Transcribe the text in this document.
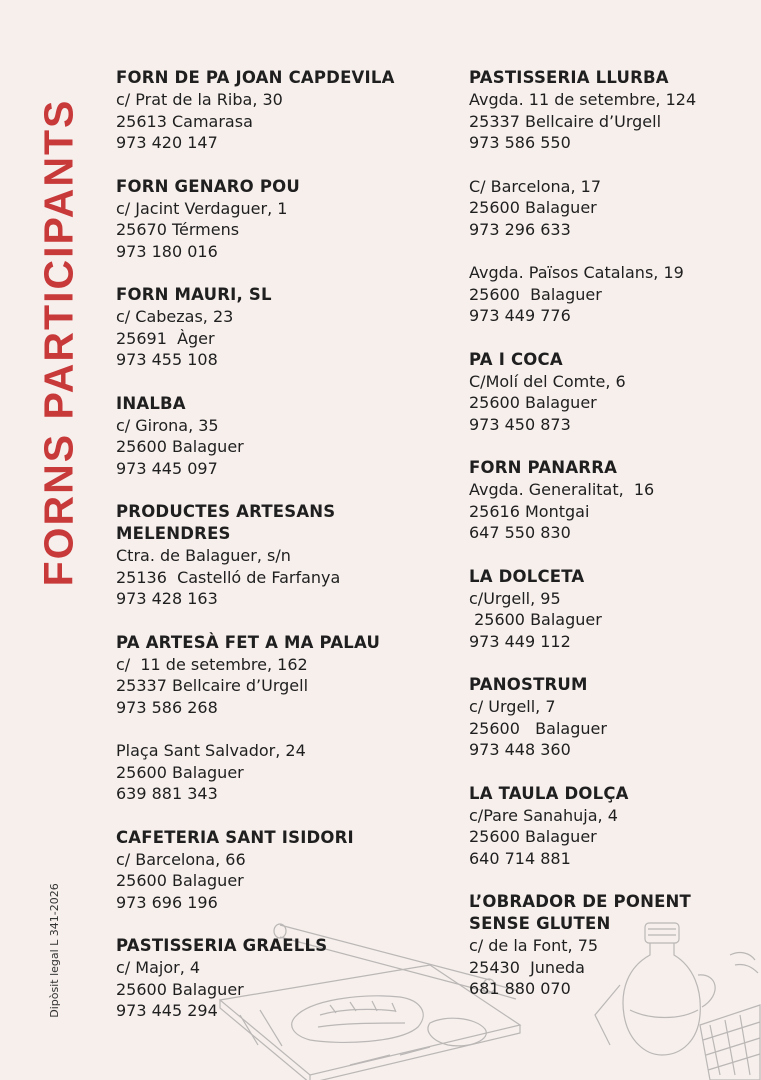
FORNS PARTICIPANTS
Dipòsit legal L 341-2026
FORN DE PA JOAN CAPDEVILA
c/ Prat de la Riba, 30
25613 Camarasa
973 420 147
FORN GENARO POU
c/ Jacint Verdaguer, 1
25670 Térmens
973 180 016
FORN MAURI, SL
c/ Cabezas, 23
25691  Àger
973 455 108
INALBA
c/ Girona, 35
25600 Balaguer
973 445 097
PRODUCTES ARTESANS
MELENDRES
Ctra. de Balaguer, s/n
25136  Castelló de Farfanya
973 428 163
PA ARTESÀ FET A MA PALAU
c/  11 de setembre, 162
25337 Bellcaire d’Urgell
973 586 268
Plaça Sant Salvador, 24
25600 Balaguer
639 881 343
CAFETERIA SANT ISIDORI
c/ Barcelona, 66
25600 Balaguer
973 696 196
PASTISSERIA GRAELLS
c/ Major, 4
25600 Balaguer
973 445 294
PASTISSERIA LLURBA
Avgda. 11 de setembre, 124
25337 Bellcaire d’Urgell
973 586 550
C/ Barcelona, 17
25600 Balaguer
973 296 633
Avgda. Països Catalans, 19
25600  Balaguer
973 449 776
PA I COCA
C/Molí del Comte, 6
25600 Balaguer
973 450 873
FORN PANARRA
Avgda. Generalitat,  16
25616 Montgai
647 550 830
LA DOLCETA
c/Urgell, 95
25600 Balaguer
973 449 112
PANOSTRUM
c/ Urgell, 7
25600   Balaguer
973 448 360
LA TAULA DOLÇA
c/Pare Sanahuja, 4
25600 Balaguer
640 714 881
L’OBRADOR DE PONENT
SENSE GLUTEN
c/ de la Font, 75
25430  Juneda
681 880 070
